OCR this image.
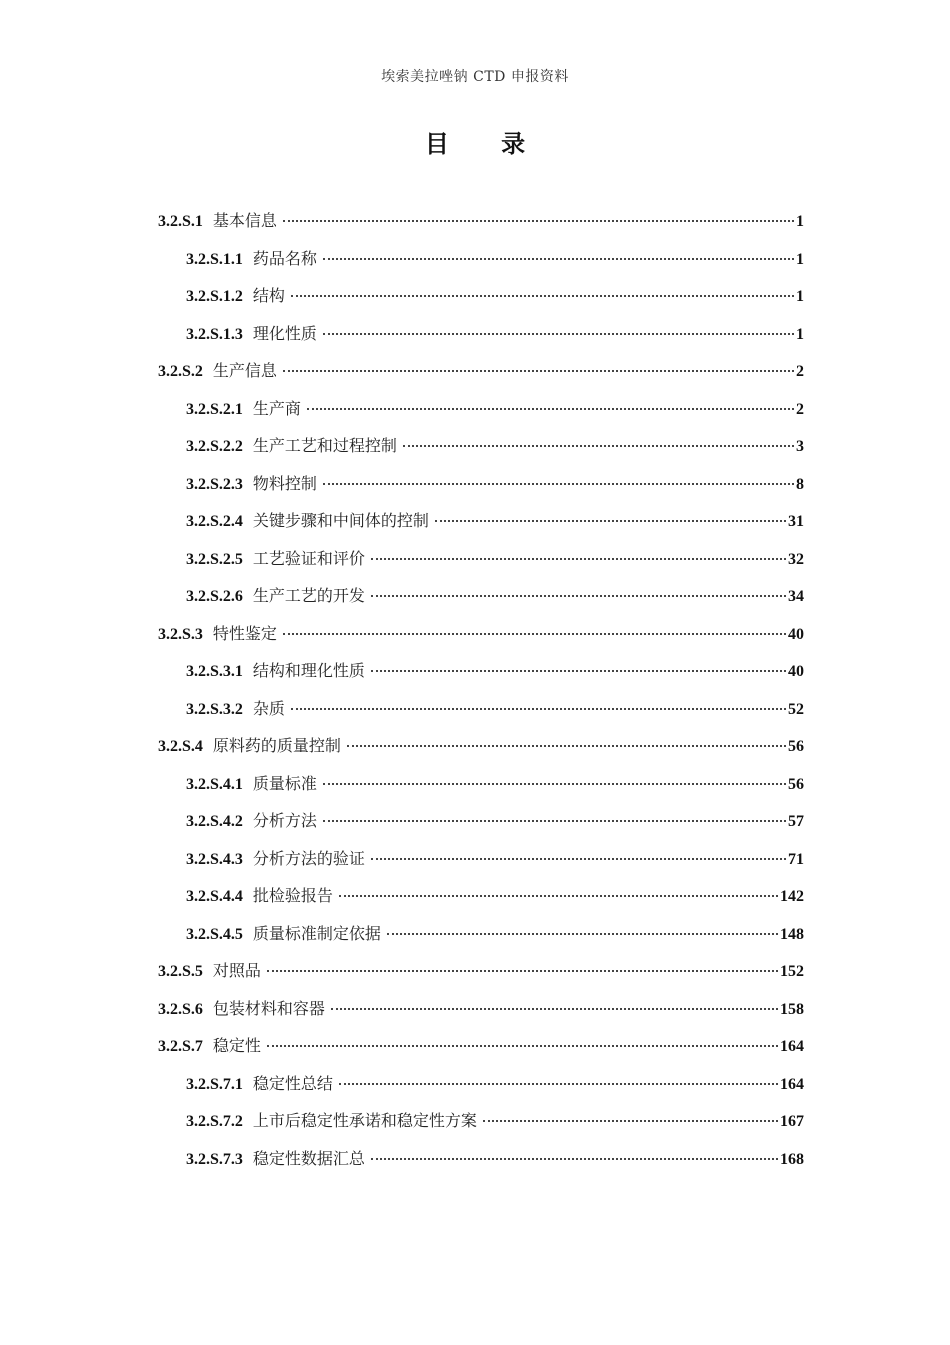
埃索美拉唑钠 CTD 申报资料
目 录
3.2.S.1 基本信息	1
3.2.S.1.1 药品名称	1
3.2.S.1.2 结构	1
3.2.S.1.3 理化性质	1
3.2.S.2 生产信息	2
3.2.S.2.1 生产商	2
3.2.S.2.2 生产工艺和过程控制	3
3.2.S.2.3 物料控制	8
3.2.S.2.4 关键步骤和中间体的控制	31
3.2.S.2.5 工艺验证和评价	32
3.2.S.2.6 生产工艺的开发	34
3.2.S.3 特性鉴定	40
3.2.S.3.1 结构和理化性质	40
3.2.S.3.2 杂质	52
3.2.S.4 原料药的质量控制	56
3.2.S.4.1 质量标准	56
3.2.S.4.2 分析方法	57
3.2.S.4.3 分析方法的验证	71
3.2.S.4.4 批检验报告	142
3.2.S.4.5 质量标准制定依据	148
3.2.S.5 对照品	152
3.2.S.6 包装材料和容器	158
3.2.S.7 稳定性	164
3.2.S.7.1 稳定性总结	164
3.2.S.7.2 上市后稳定性承诺和稳定性方案	167
3.2.S.7.3 稳定性数据汇总	168
